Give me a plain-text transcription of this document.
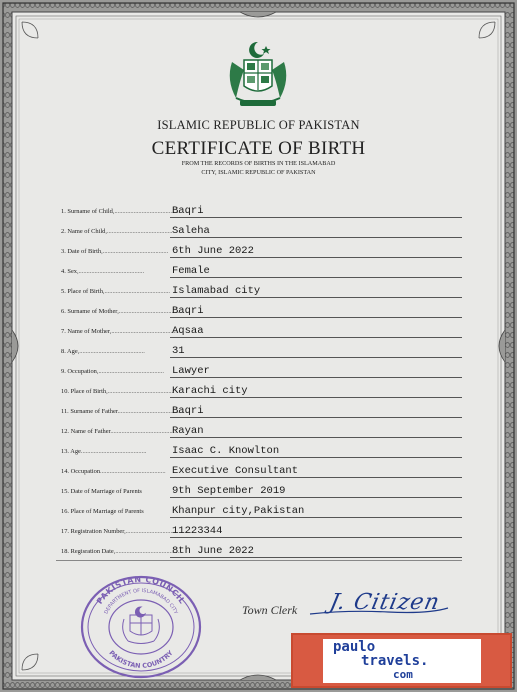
ISLAMIC REPUBLIC OF PAKISTAN
CERTIFICATE OF BIRTH
FROM THE RECORDS OF BIRTHS IN THE ISLAMABAD
CITY, ISLAMIC REPUBLIC OF PAKISTAN
1. Surname of Child,.........................................
Baqri
2. Name of Child,......................................... Saleha
3. Date of Birth,......................................... 6th June 2022
4. Sex,.........................................	Female
5. Place of Birth,......................................... Islamabad city
6. Surname of Mother,.........................................
Baqri
7. Name of Mother,.........................................
Aqsaa
8. Age,.........................................	31
9. Occupation,......................................... Lawyer
10. Place of Birth,.........................................
Karachi city
11. Surname of Father.........................................
Baqri
12. Name of Father.........................................
Rayan
13. Age.........................................	Isaac C. Knowlton
14. Occupation......................................... Executive Consultant
15. Date of Marriage of Parents	9th September 2019
16. Place of Marriage of Parents	Khanpur city,Pakistan
17. Registration Number,.........................................
11223344
18. Regisration Date,.........................................
8th June 2022
PAKISTAN COUNCIL
DEPARTMENT OF ISLAMABAD CITY
PAKISTAN COUNTRY
Town Clerk J. Citizen
paulo
travels.
com
